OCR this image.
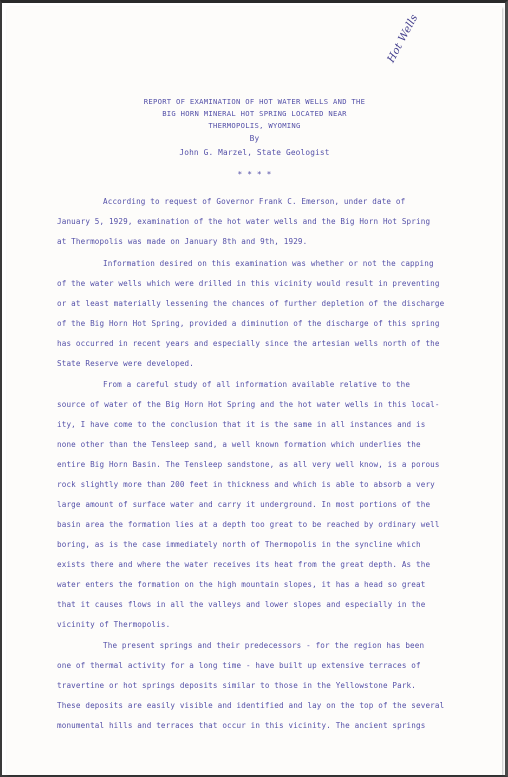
REPORT OF EXAMINATION OF HOT WATER WELLS AND THE
BIG HORN MINERAL HOT SPRING LOCATED NEAR
THERMOPOLIS, WYOMING
By
John G. Marzel, State Geologist
* * * *
According to request of Governor Frank C. Emerson, under date of
January 5, 1929, examination of the hot water wells and the Big Horn Hot Spring
at Thermopolis was made on January 8th and 9th, 1929.
Information desired on this examination was whether or not the capping
of the water wells which were drilled in this vicinity would result in preventing
or at least materially lessening the chances of further depletion of the discharge
of the Big Horn Hot Spring, provided a diminution of the discharge of this spring
has occurred in recent years and especially since the artesian wells north of the
State Reserve were developed.
From a careful study of all information available relative to the
source of water of the Big Horn Hot Spring and the hot water wells in this local-
ity, I have come to the conclusion that it is the same in all instances and is
none other than the Tensleep sand, a well known formation which underlies the
entire Big Horn Basin. The Tensleep sandstone, as all very well know, is a porous
rock slightly more than 200 feet in thickness and which is able to absorb a very
large amount of surface water and carry it underground. In most portions of the
basin area the formation lies at a depth too great to be reached by ordinary well
boring, as is the case immediately north of Thermopolis in the syncline which
exists there and where the water receives its heat from the great depth. As the
water enters the formation on the high mountain slopes, it has a head so great
that it causes flows in all the valleys and lower slopes and especially in the
vicinity of Thermopolis.
The present springs and their predecessors - for the region has been
one of thermal activity for a long time - have built up extensive terraces of
travertine or hot springs deposits similar to those in the Yellowstone Park.
These deposits are easily visible and identified and lay on the top of the several
monumental hills and terraces that occur in this vicinity. The ancient springs
Hot Wells
